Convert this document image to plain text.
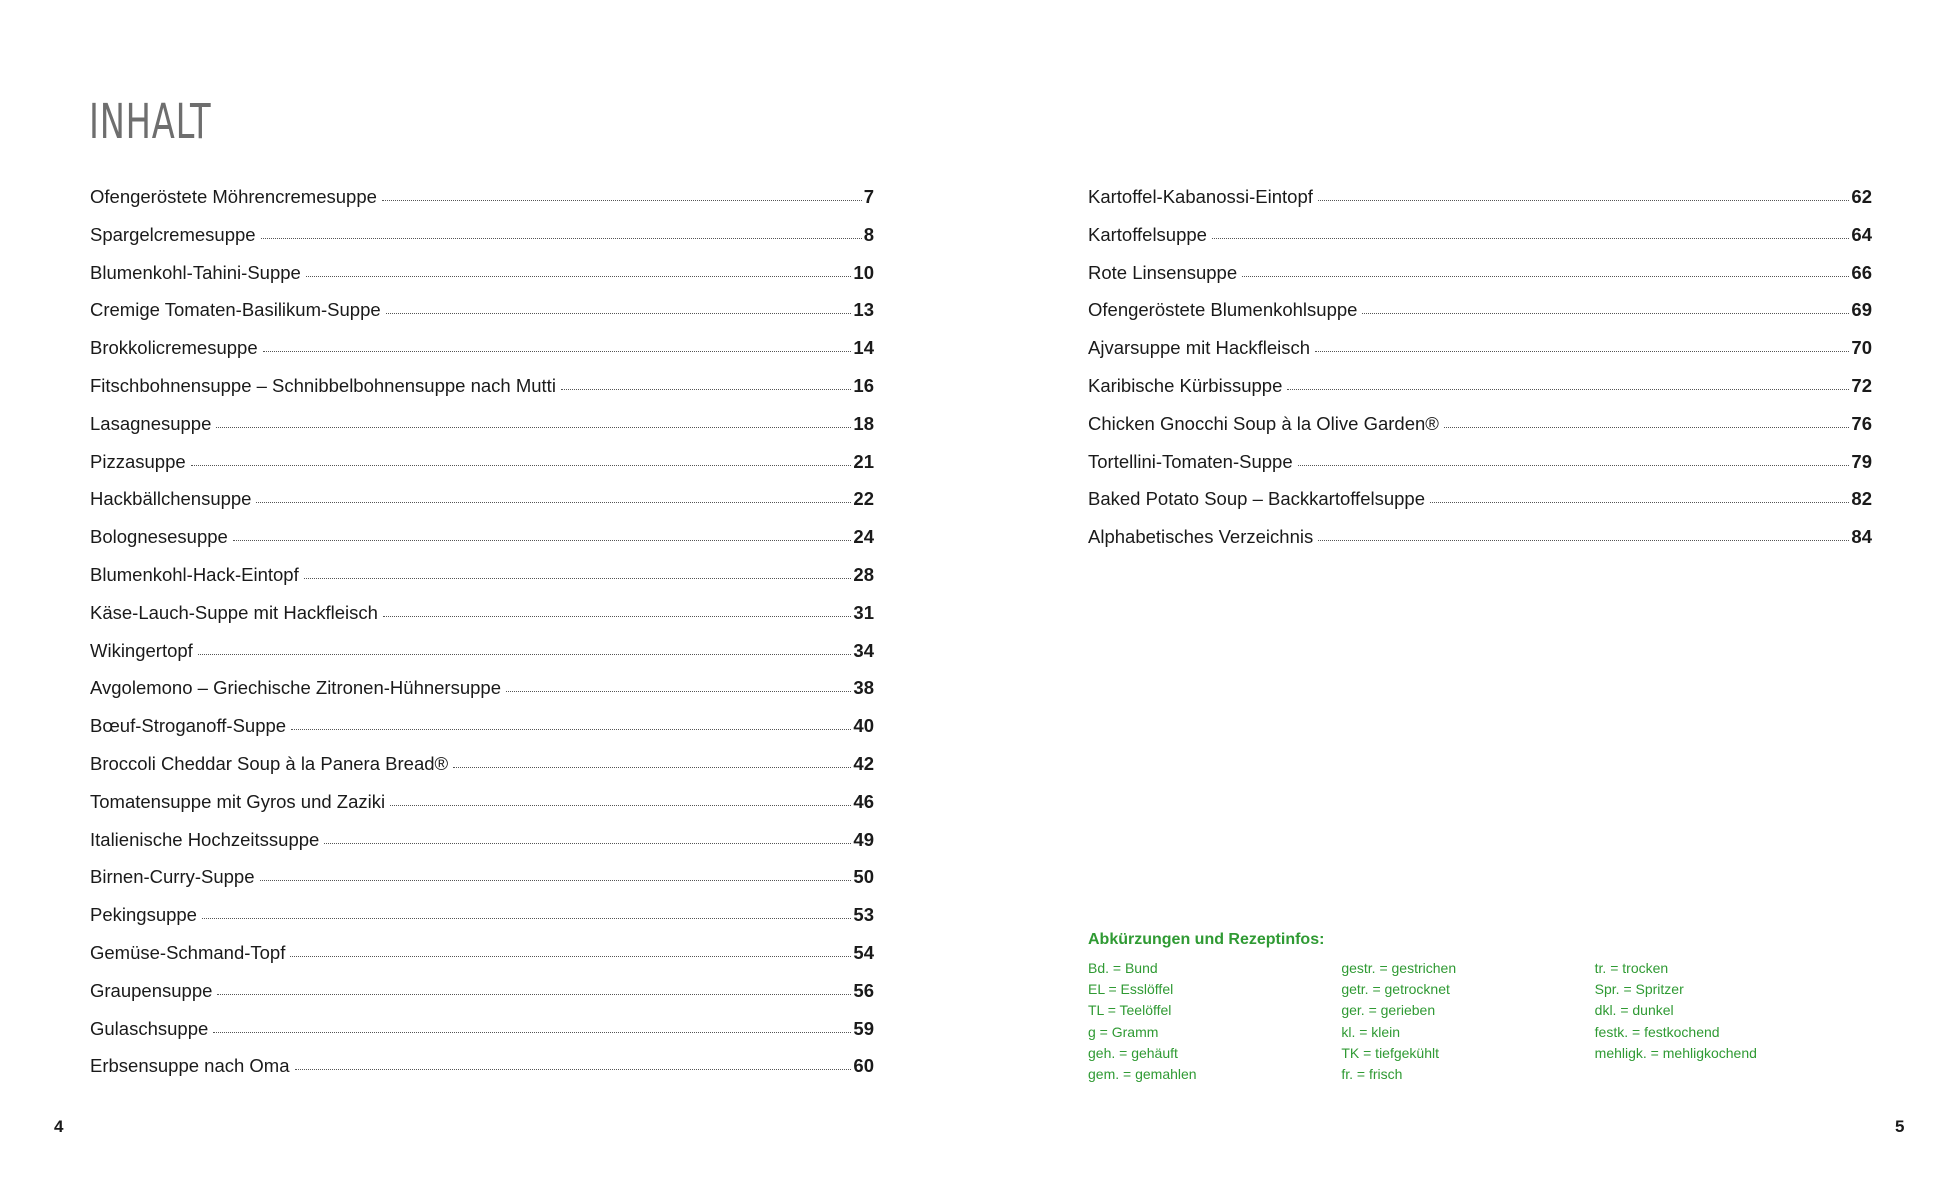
INHALT
Ofengeröstete Möhrencremesuppe	7
Spargelcremesuppe	8
Blumenkohl-Tahini-Suppe	10
Cremige Tomaten-Basilikum-Suppe	13
Brokkolicremesuppe	14
Fitschbohnensuppe – Schnibbelbohnensuppe nach Mutti	16
Lasagnesuppe	18
Pizzasuppe	21
Hackbällchensuppe	22
Bolognesesuppe	24
Blumenkohl-Hack-Eintopf	28
Käse-Lauch-Suppe mit Hackfleisch	31
Wikingertopf	34
Avgolemono – Griechische Zitronen-Hühnersuppe	38
Bœuf-Stroganoff-Suppe	40
Broccoli Cheddar Soup à la Panera Bread®	42
Tomatensuppe mit Gyros und Zaziki	46
Italienische Hochzeitssuppe	49
Birnen-Curry-Suppe	50
Pekingsuppe	53
Gemüse-Schmand-Topf	54
Graupensuppe	56
Gulaschsuppe	59
Erbsensuppe nach Oma	60
Kartoffel-Kabanossi-Eintopf	62
Kartoffelsuppe	64
Rote Linsensuppe	66
Ofengeröstete Blumenkohlsuppe	69
Ajvarsuppe mit Hackfleisch	70
Karibische Kürbissuppe	72
Chicken Gnocchi Soup à la Olive Garden®	76
Tortellini-Tomaten-Suppe	79
Baked Potato Soup – Backkartoffelsuppe	82
Alphabetisches Verzeichnis	84
Abkürzungen und Rezeptinfos:
Bd. = Bund
EL = Esslöffel
TL = Teelöffel
g = Gramm
geh. = gehäuft
gem. = gemahlen
gestr. = gestrichen
getr. = getrocknet
ger. = gerieben
kl. = klein
TK = tiefgekühlt
fr. = frisch
tr. = trocken
Spr. = Spritzer
dkl. = dunkel
festk. = festkochend
mehligk. = mehligkochend
4	5
